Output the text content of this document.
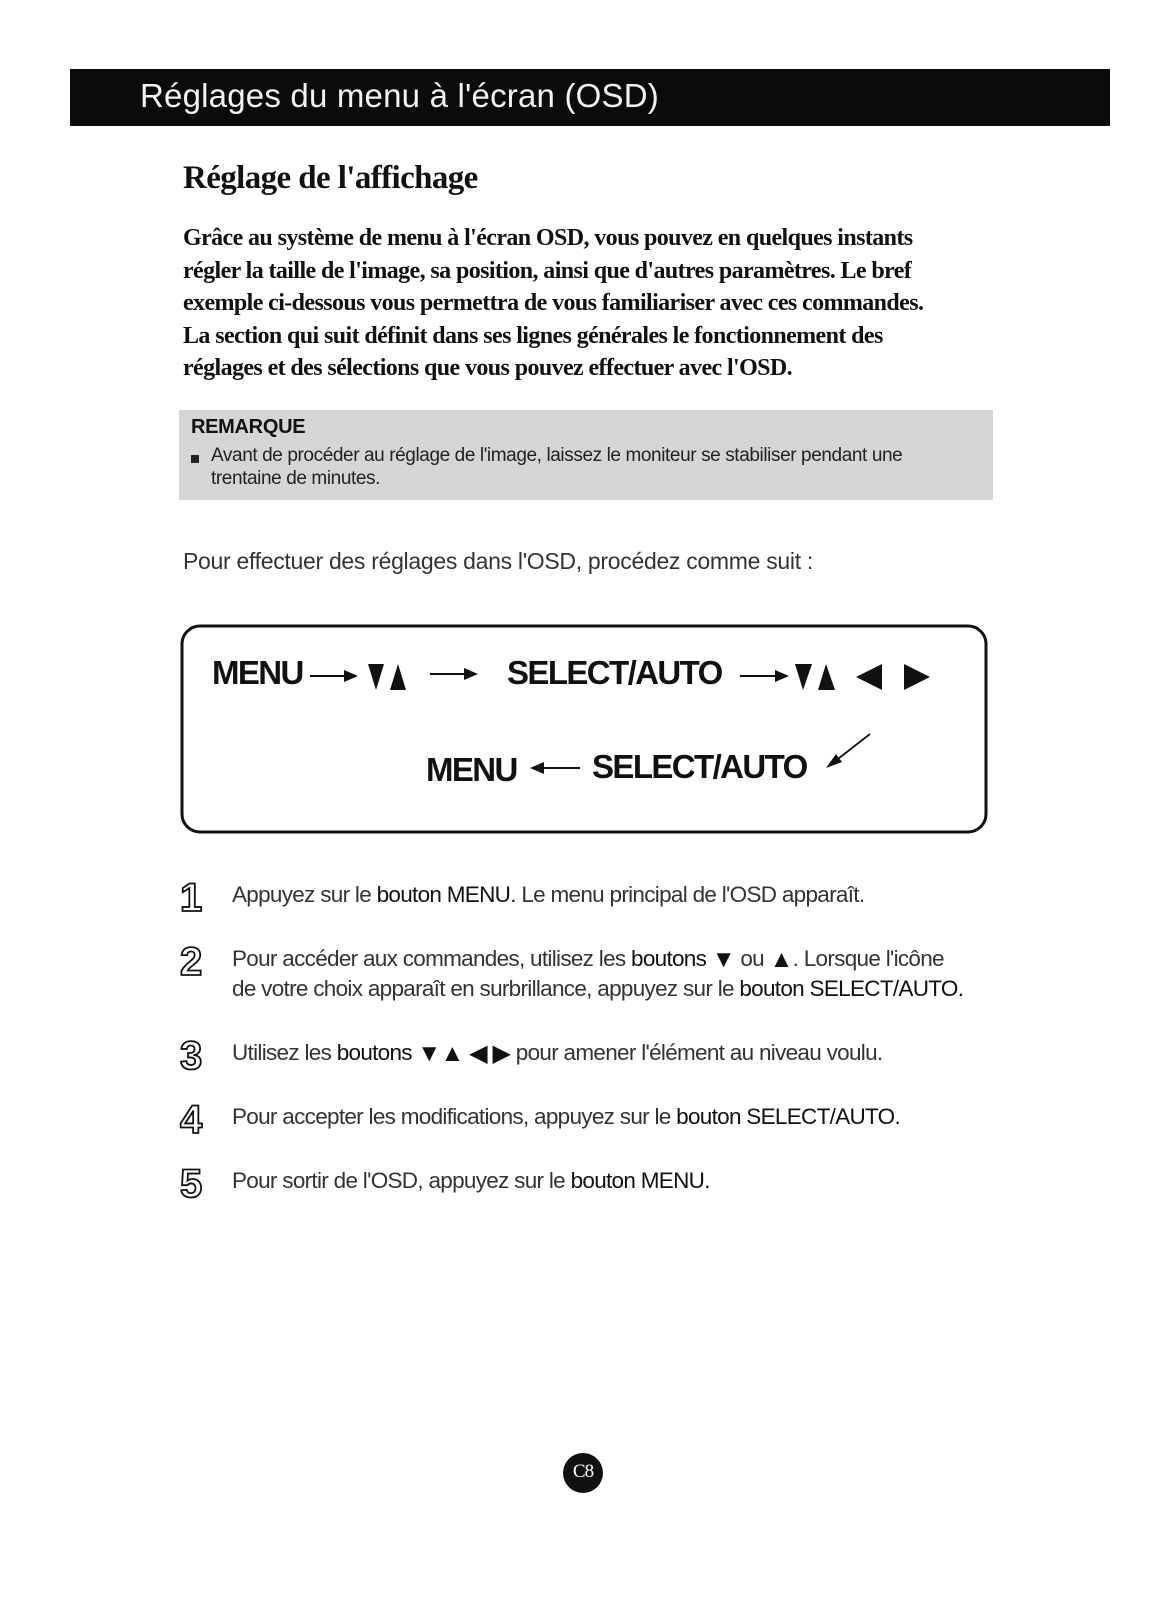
Réglages du menu à l'écran (OSD)
Réglage de l'affichage

Grâce au système de menu à l'écran OSD, vous pouvez en quelques instants
régler la taille de l'image, sa position, ainsi que d'autres paramètres. Le bref
exemple ci-dessous vous permettra de vous familiariser avec ces commandes.
La section qui suit définit dans ses lignes générales le fonctionnement des
réglages et des sélections que vous pouvez effectuer avec l'OSD.

REMARQUE
Avant de procéder au réglage de l'image, laissez le moniteur se stabiliser pendant une
trentaine de minutes.
Pour effectuer des réglages dans l'OSD, procédez comme suit :
MENU	SELECT/AUTO
MENU SELECT/AUTO
1 Appuyez sur le bouton MENU. Le menu principal de l'OSD apparaît.
2 Pour accéder aux commandes, utilisez les boutons ▼ ou ▲. Lorsque l'icône
de votre choix apparaît en surbrillance, appuyez sur le bouton SELECT/AUTO.
3 Utilisez les boutons ▼▲ ◀ ▶ pour amener l'élément au niveau voulu.
4 Pour accepter les modifications, appuyez sur le bouton SELECT/AUTO.
5 Pour sortir de l'OSD, appuyez sur le bouton MENU.
C8
